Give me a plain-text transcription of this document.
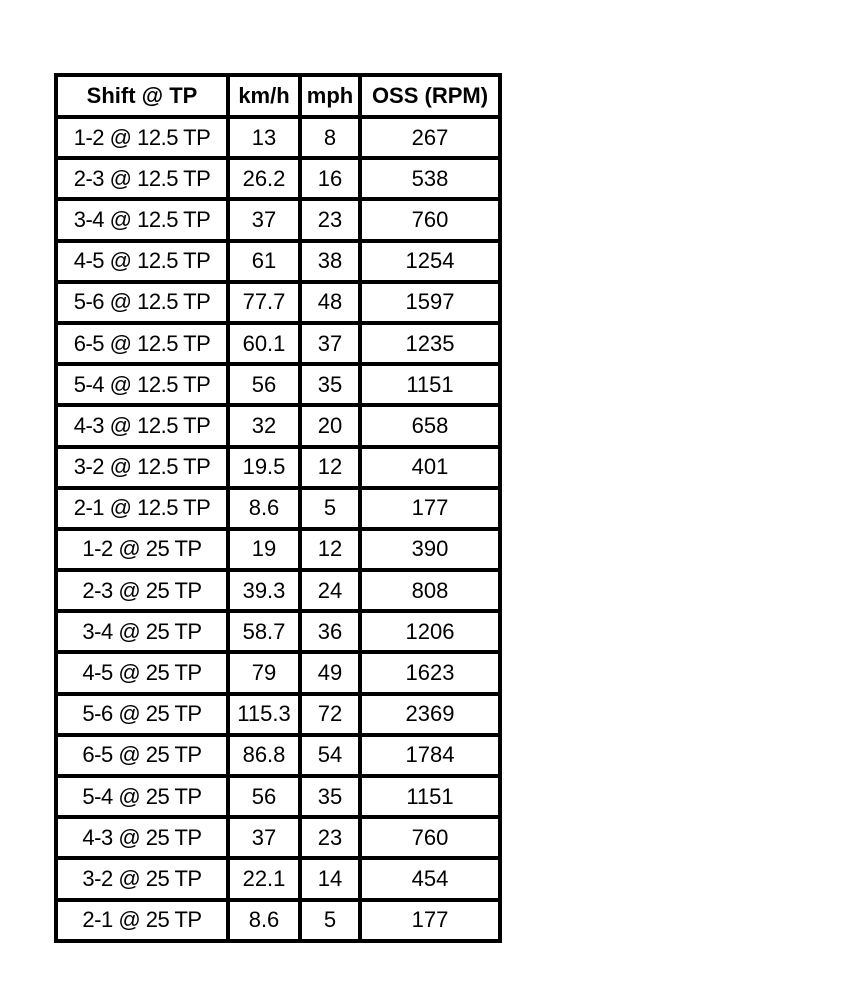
Shift @ TP	km/h	mph	OSS (RPM)
1-2 @ 12.5 TP	13	8	267
2-3 @ 12.5 TP	26.2	16	538
3-4 @ 12.5 TP	37	23	760
4-5 @ 12.5 TP	61	38	1254
5-6 @ 12.5 TP	77.7	48	1597
6-5 @ 12.5 TP	60.1	37	1235
5-4 @ 12.5 TP	56	35	1151
4-3 @ 12.5 TP	32	20	658
3-2 @ 12.5 TP	19.5	12	401
2-1 @ 12.5 TP	8.6	5	177
1-2 @ 25 TP	19	12	390
2-3 @ 25 TP	39.3	24	808
3-4 @ 25 TP	58.7	36	1206
4-5 @ 25 TP	79	49	1623
5-6 @ 25 TP	115.3	72	2369
6-5 @ 25 TP	86.8	54	1784
5-4 @ 25 TP	56	35	1151
4-3 @ 25 TP	37	23	760
3-2 @ 25 TP	22.1	14	454
2-1 @ 25 TP	8.6	5	177
